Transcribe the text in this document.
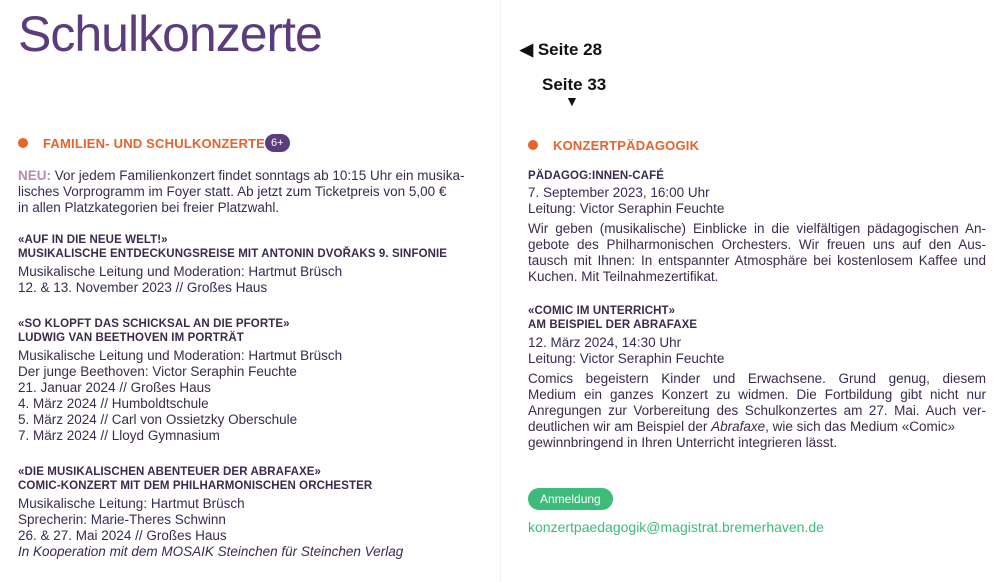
Schulkonzerte	◀ Seite 28
Seite 33
▼
FAMILIEN- UND SCHULKONZERTE 6+
NEU: Vor jedem Familienkonzert findet sonntags ab 10:15 Uhr ein musika-
lisches Vorprogramm im Foyer statt. Ab jetzt zum Ticketpreis von 5,00 €
in allen Platzkategorien bei freier Platzwahl.
«AUF IN DIE NEUE WELT!»
MUSIKALISCHE ENTDECKUNGSREISE MIT ANTONIN DVOŘAKS 9. SINFONIE
Musikalische Leitung und Moderation: Hartmut Brüsch
12. & 13. November 2023 // Großes Haus
«SO KLOPFT DAS SCHICKSAL AN DIE PFORTE»
LUDWIG VAN BEETHOVEN IM PORTRÄT
Musikalische Leitung und Moderation: Hartmut Brüsch
Der junge Beethoven: Victor Seraphin Feuchte
21. Januar 2024 // Großes Haus
4. März 2024 // Humboldtschule
5. März 2024 // Carl von Ossietzky Oberschule
7. März 2024 // Lloyd Gymnasium
«DIE MUSIKALISCHEN ABENTEUER DER ABRAFAXE»
COMIC-KONZERT MIT DEM PHILHARMONISCHEN ORCHESTER
Musikalische Leitung: Hartmut Brüsch
Sprecherin: Marie-Theres Schwinn
26. & 27. Mai 2024 // Großes Haus
In Kooperation mit dem MOSAIK Steinchen für Steinchen Verlag
KONZERTPÄDAGOGIK
PÄDAGOG:INNEN-CAFÉ
7. September 2023, 16:00 Uhr
Leitung: Victor Seraphin Feuchte
Wir geben (musikalische) Einblicke in die vielfältigen pädagogischen An-
gebote des Philharmonischen Orchesters. Wir freuen uns auf den Aus-
tausch mit Ihnen: In entspannter Atmosphäre bei kostenlosem Kaffee und
Kuchen. Mit Teilnahmezertifikat.
«COMIC IM UNTERRICHT»
AM BEISPIEL DER ABRAFAXE
12. März 2024, 14:30 Uhr
Leitung: Victor Seraphin Feuchte
Comics begeistern Kinder und Erwachsene. Grund genug, diesem
Medium ein ganzes Konzert zu widmen. Die Fortbildung gibt nicht nur
Anregungen zur Vorbereitung des Schulkonzertes am 27. Mai. Auch ver-
deutlichen wir am Beispiel der Abrafaxe, wie sich das Medium «Comic»
gewinnbringend in Ihren Unterricht integrieren lässt.
Anmeldung
konzertpaedagogik@magistrat.bremerhaven.de
